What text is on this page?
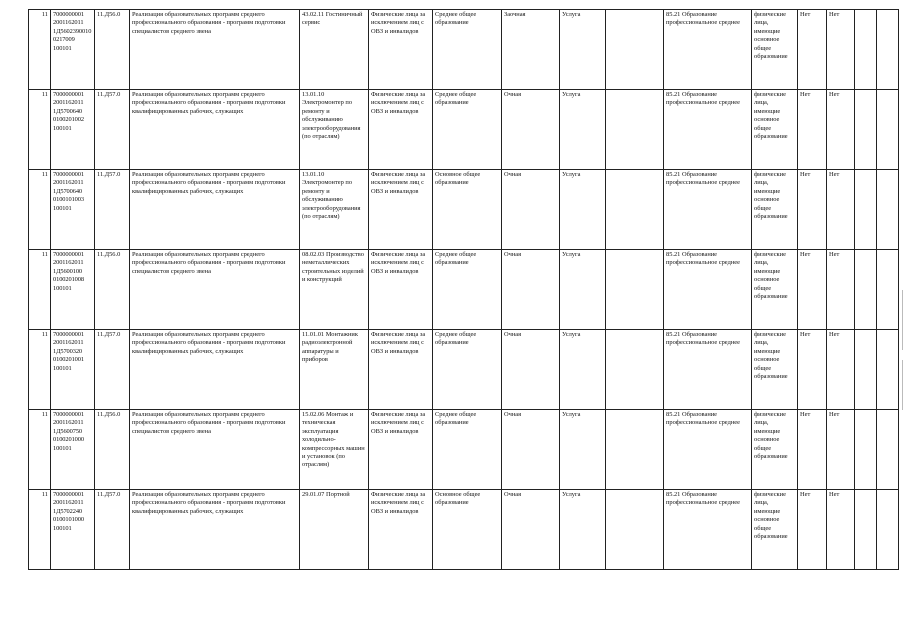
11	7000000001 2001162011 1Д56023900100217009 100101	11.Д56.0	Реализация образовательных программ среднего профессионального образования - программ подготовки специалистов среднего звена	43.02.11 Гостиничный сервис	Физические лица за исключением лиц с ОВЗ и инвалидов	Среднее общее образование	Заочная	Услуга		85.21 Образование профессиональное среднее	физические лица, имеющие основное общее образование	Нет	Нет		
11	7000000001 2001162011 1Д5700640 0100201002 100101	11.Д57.0	Реализация образовательных программ среднего профессионального образования - программ подготовки квалифицированных рабочих, служащих	13.01.10 Электромонтер по ремонту и обслуживанию электрооборудования (по отраслям)	Физические лица за исключением лиц с ОВЗ и инвалидов	Среднее общее образование	Очная	Услуга		85.21 Образование профессиональное среднее	физические лица, имеющие основное общее образование	Нет	Нет		
11	7000000001 2001162011 1Д5700640 0100101003 100101	11.Д57.0	Реализация образовательных программ среднего профессионального образования - программ подготовки квалифицированных рабочих, служащих	13.01.10 Электромонтер по ремонту и обслуживанию электрооборудования (по отраслям)	Физические лица за исключением лиц с ОВЗ и инвалидов	Основное общее образование	Очная	Услуга		85.21 Образование профессиональное среднее	физические лица, имеющие основное общее образование	Нет	Нет		
11	7000000001 2001162011 1Д5600100 0100201008 100101	11.Д56.0	Реализация образовательных программ среднего профессионального образования - программ подготовки специалистов среднего звена	08.02.03 Производство неметаллических строительных изделий и конструкций	Физические лица за исключением лиц с ОВЗ и инвалидов	Среднее общее образование	Очная	Услуга		85.21 Образование профессиональное среднее	физические лица, имеющие основное общее образование	Нет	Нет		
11	7000000001 2001162011 1Д5700320 0100201001 100101	11.Д57.0	Реализация образовательных программ среднего профессионального образования - программ подготовки квалифицированных рабочих, служащих	11.01.01 Монтажник радиоэлектронной аппаратуры и приборов	Физические лица за исключением лиц с ОВЗ и инвалидов	Среднее общее образование	Очная	Услуга		85.21 Образование профессиональное среднее	физические лица, имеющие основное общее образование	Нет	Нет		
11	7000000001 2001162011 1Д5600750 0100201000 100101	11.Д56.0	Реализация образовательных программ среднего профессионального образования - программ подготовки специалистов среднего звена	15.02.06 Монтаж и техническая эксплуатация холодильно-компрессорных машин и установок (по отраслям)	Физические лица за исключением лиц с ОВЗ и инвалидов	Среднее общее образование	Очная	Услуга		85.21 Образование профессиональное среднее	физические лица, имеющие основное общее образование	Нет	Нет		
11	7000000001 2001162011 1Д5702240 0100101000 100101	11.Д57.0	Реализация образовательных программ среднего профессионального образования - программ подготовки квалифицированных рабочих, служащих	29.01.07 Портной	Физические лица за исключением лиц с ОВЗ и инвалидов	Основное общее образование	Очная	Услуга		85.21 Образование профессиональное среднее	физические лица, имеющие основное общее образование	Нет	Нет		
